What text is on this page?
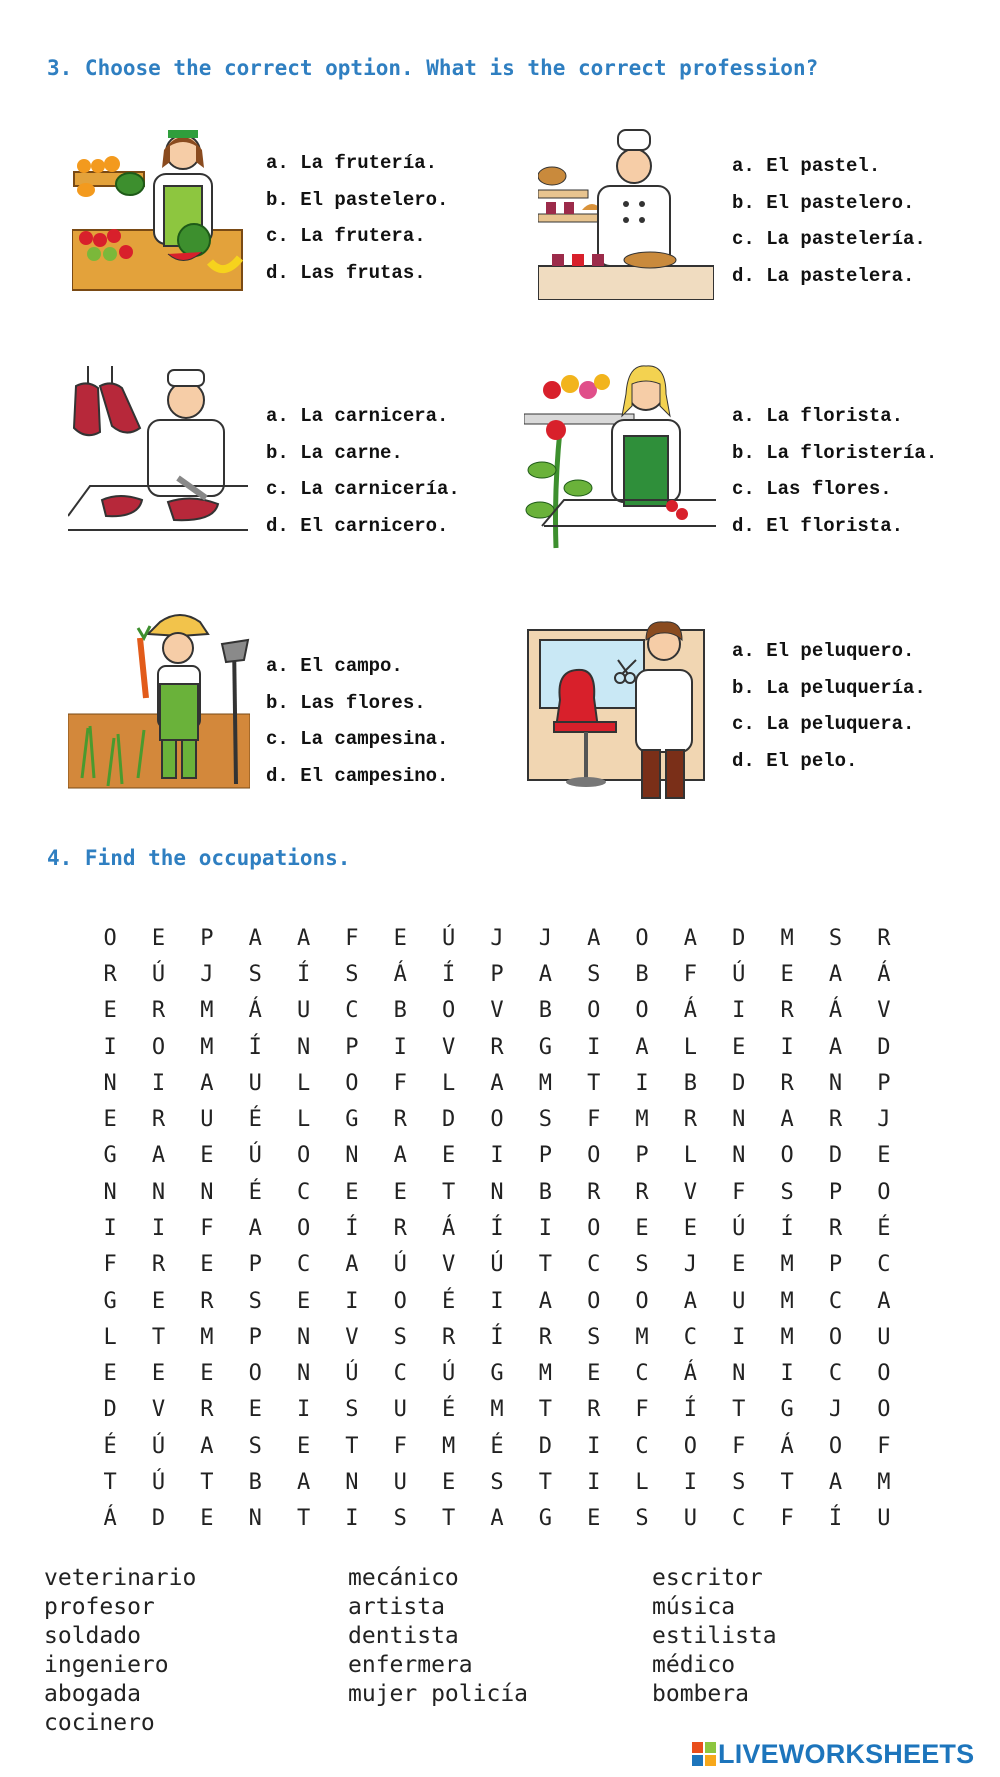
3. Choose the correct option. What is the correct profession?
a. La frutería.
b. El pastelero.
c. La frutera.
d. Las frutas.
a. El pastel.
b. El pastelero.
c. La pastelería.
d. La pastelera.
a. La carnicera.
b. La carne.
c. La carnicería.
d. El carnicero.
a. La florista.
b. La floristería.
c. Las flores.
d. El florista.
a. El campo.
b. Las flores.
c. La campesina.
d. El campesino.
a. El peluquero.
b. La peluquería.
c. La peluquera.
d. El pelo.
4. Find the occupations.
O	E	P	A	A	F	E	Ú	J	J	A	O	A	D	M	S	R
R	Ú	J	S	Í	S	Á	Í	P	A	S	B	F	Ú	E	A	Á
E	R	M	Á	U	C	B	O	V	B	O	O	Á	I	R	Á	V
I	O	M	Í	N	P	I	V	R	G	I	A	L	E	I	A	D
N	I	A	U	L	O	F	L	A	M	T	I	B	D	R	N	P
E	R	U	É	L	G	R	D	O	S	F	M	R	N	A	R	J
G	A	E	Ú	O	N	A	E	I	P	O	P	L	N	O	D	E
N	N	N	É	C	E	E	T	N	B	R	R	V	F	S	P	O
I	I	F	A	O	Í	R	Á	Í	I	O	E	E	Ú	Í	R	É
F	R	E	P	C	A	Ú	V	Ú	T	C	S	J	E	M	P	C
G	E	R	S	E	I	O	É	I	A	O	O	A	U	M	C	A
L	T	M	P	N	V	S	R	Í	R	S	M	C	I	M	O	U
E	E	E	O	N	Ú	C	Ú	G	M	E	C	Á	N	I	C	O
D	V	R	E	I	S	U	É	M	T	R	F	Í	T	G	J	O
É	Ú	A	S	E	T	F	M	É	D	I	C	O	F	Á	O	F
T	Ú	T	B	A	N	U	E	S	T	I	L	I	S	T	A	M
Á	D	E	N	T	I	S	T	A	G	E	S	U	C	F	Í	U
veterinario
profesor
soldado
ingeniero
abogada
cocinero
mecánico
artista
dentista
enfermera
mujer policía
escritor
música
estilista
médico
bombera
LIVEWORKSHEETS
